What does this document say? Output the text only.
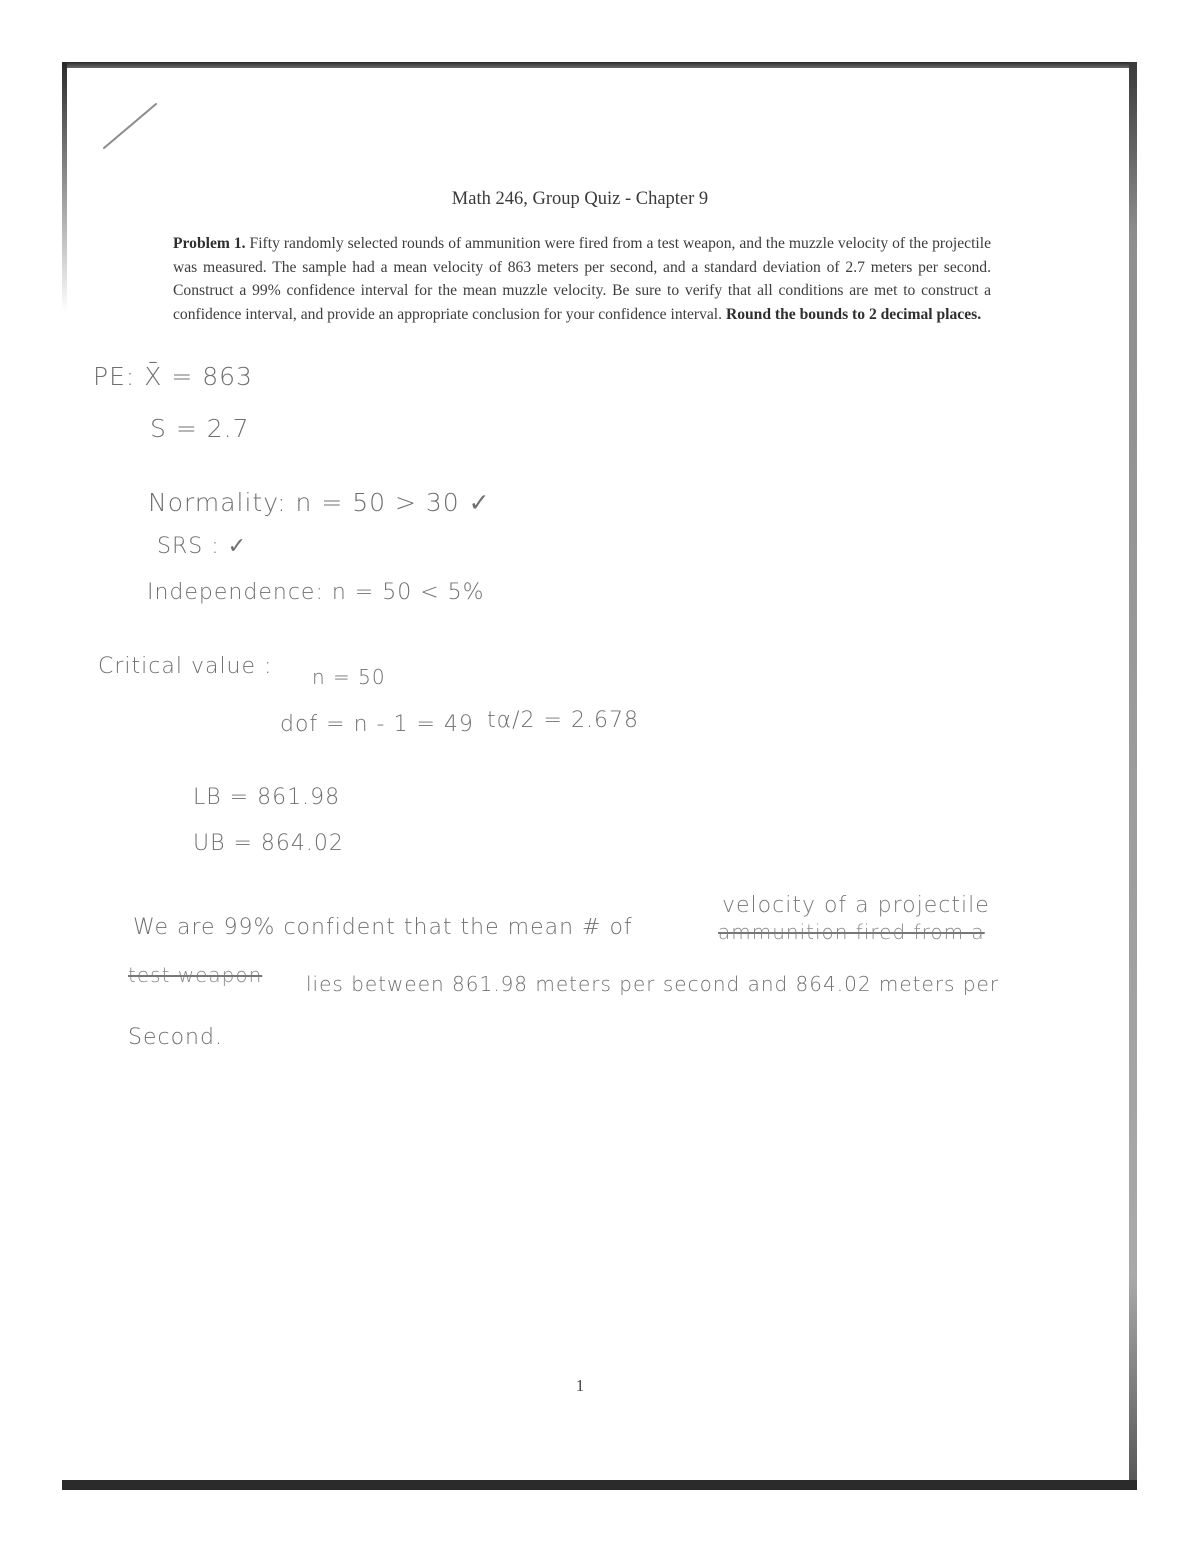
Math 246, Group Quiz - Chapter 9
Problem 1. Fifty randomly selected rounds of ammunition were fired from a test weapon, and the muzzle velocity of the projectile was measured. The sample had a mean velocity of 863 meters per second, and a standard deviation of 2.7 meters per second. Construct a 99% confidence interval for the mean muzzle velocity. Be sure to verify that all conditions are met to construct a confidence interval, and provide an appropriate conclusion for your confidence interval. Round the bounds to 2 decimal places.
PE: X̄ = 863
S = 2.7
Normality: n = 50 > 30 ✓
SRS : ✓
Independence: n = 50 < 5%
Critical value : n = 50
dof = n - 1 = 49 tα/2 = 2.678
LB = 861.98
UB = 864.02
velocity of a projectile
We are 99% confident that the mean # of	ammunition fired from a
test weapon lies between 861.98 meters per second and 864.02 meters per
Second.
1
